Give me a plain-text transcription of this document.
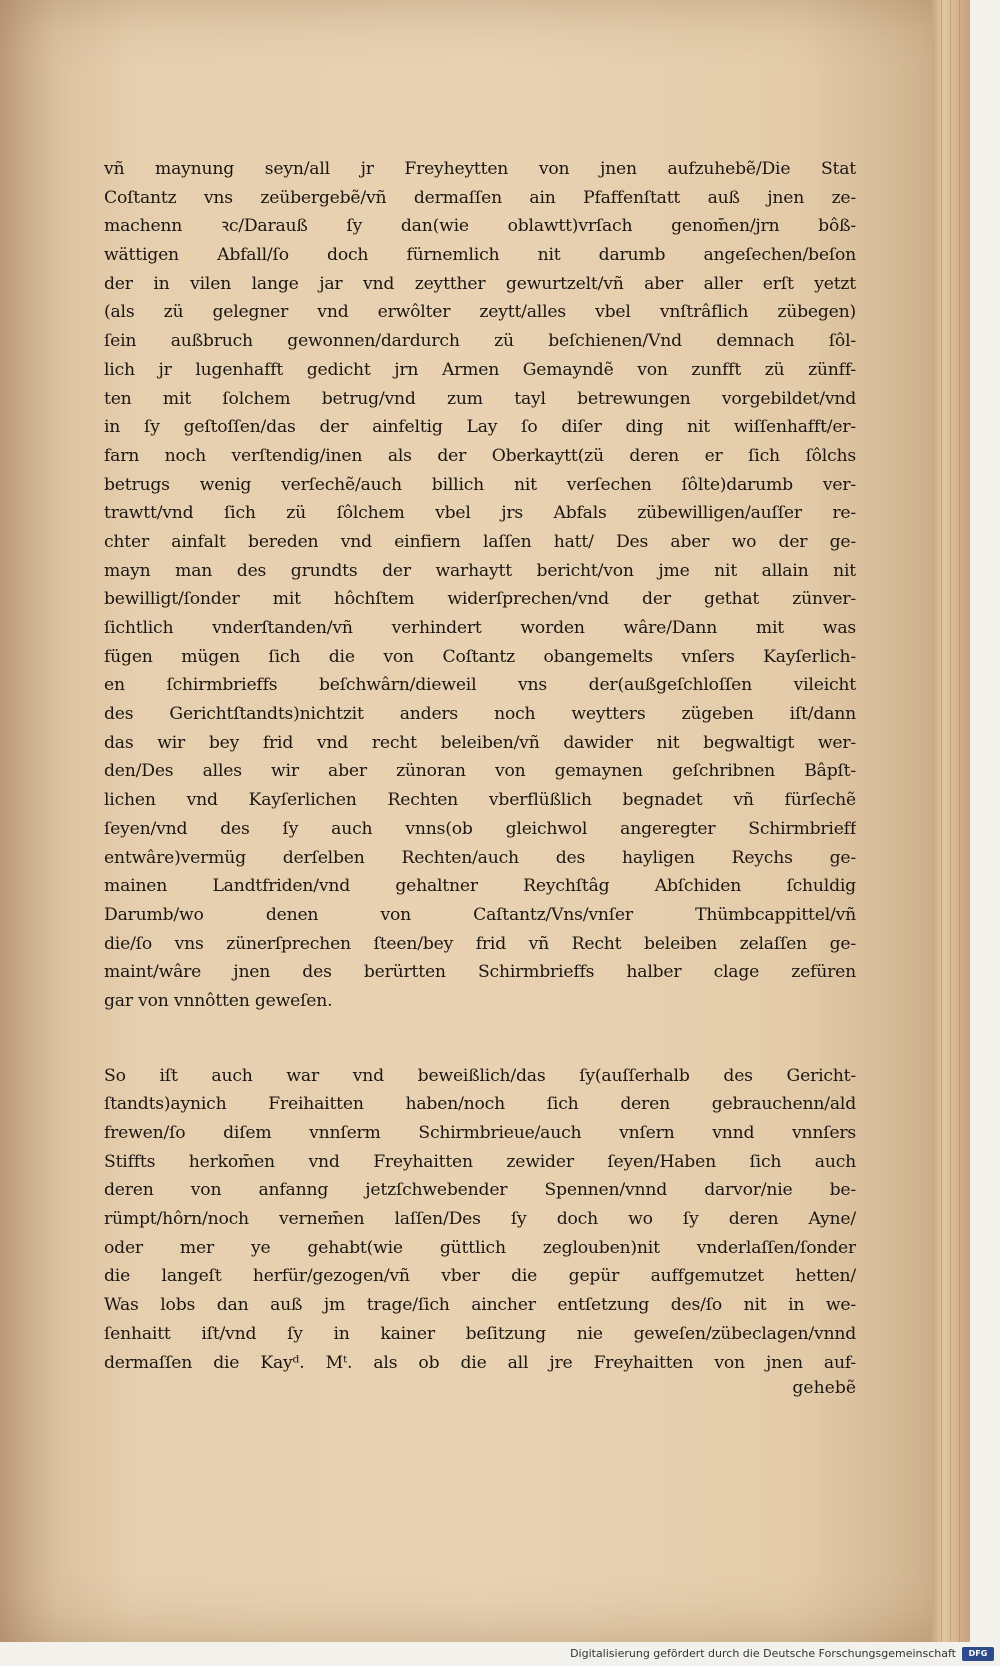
vñ maynung seyn/all jr Freyheytten von jnen aufzuhebẽ/Die Stat
Coſtantz vns zeübergebẽ/vñ dermaſſen ain Pfaffenſtatt auß jnen ze-
machenn ꝛc/Darauß ſy dan(wie oblawtt)vrſach genom̄en/jrn bôß-
wättigen Abfall/ſo doch fürnemlich nit darumb angeſechen/beſon
der in vilen lange jar vnd zeytther gewurtzelt/vñ aber aller erſt yetzt
(als zü gelegner vnd erwôlter zeytt/alles vbel vnſtrâflich zübegen)
ſein außbruch gewonnen/dardurch zü beſchienen/Vnd demnach ſôl-
lich jr lugenhafft gedicht jrn Armen Gemayndẽ von zunfft zü zünff-
ten mit ſolchem betrug/vnd zum tayl betrewungen vorgebildet/vnd
in ſy geſtoſſen/das der ainfeltig Lay ſo diſer ding nit wiſſenhafft/er-
farn noch verſtendig/inen als der Oberkaytt(zü deren er ſich ſôlchs
betrugs wenig verſechẽ/auch billich nit verſechen ſôlte)darumb ver-
trawtt/vnd ſich zü ſôlchem vbel jrs Abfals zübewilligen/auſſer re-
chter ainfalt bereden vnd einfiern laſſen hatt/ Des aber wo der ge-
mayn man des grundts der warhaytt bericht/von jme nit allain nit
bewilligt/ſonder mit hôchſtem widerſprechen/vnd der gethat zünver-
ſichtlich vnderſtanden/vñ verhindert worden wâre/Dann mit was
fügen mügen ſich die von Coſtantz obangemelts vnſers Kayſerlich-
en ſchirmbrieffs beſchwârn/dieweil vns der(außgeſchloſſen vileicht
des Gerichtſtandts)nichtzit anders noch weytters zügeben iſt/dann
das wir bey frid vnd recht beleiben/vñ dawider nit begwaltigt wer-
den/Des alles wir aber zünoran von gemaynen geſchribnen Bâpſt-
lichen vnd Kayſerlichen Rechten vberflüßlich begnadet vñ fürſechẽ
ſeyen/vnd des ſy auch vnns(ob gleichwol angeregter Schirmbrieff
entwâre)vermüg derſelben Rechten/auch des hayligen Reychs ge-
mainen Landtfriden/vnd gehaltner Reychſtâg Abſchiden ſchuldig
Darumb/wo denen von Caſtantz/Vns/vnſer Thümbcappittel/vñ
die/ſo vns zünerſprechen ſteen/bey frid vñ Recht beleiben zelaſſen ge-
maint/wâre jnen des berürtten Schirmbrieffs halber clage zefüren
gar von vnnôtten geweſen.
So iſt auch war vnd beweißlich/das ſy(auſſerhalb des Gericht-
ſtandts)aynich Freihaitten haben/noch ſich deren gebrauchenn/ald
frewen/ſo diſem vnnſerm Schirmbrieue/auch vnſern vnnd vnnſers
Stiffts herkom̄en vnd Freyhaitten zewider ſeyen/Haben ſich auch
deren von anfanng jetzſchwebender Spennen/vnnd darvor/nie be-
rümpt/hôrn/noch vernem̄en laſſen/Des ſy doch wo ſy deren Ayne/
oder mer ye gehabt(wie güttlich zeglouben)nit vnderlaſſen/ſonder
die langeſt herfür/gezogen/vñ vber die gepür auffgemutzet hetten/
Was lobs dan auß jm trage/ſich aincher entſetzung des/ſo nit in we-
ſenhaitt iſt/vnd ſy in kainer beſitzung nie geweſen/zübeclagen/vnnd
dermaſſen die Kayᵈ. Mᵗ. als ob die all jre Freyhaitten von jnen auf-
gehebẽ
Digitalisierung gefördert durch die Deutsche Forschungsgemeinschaft	DFG
